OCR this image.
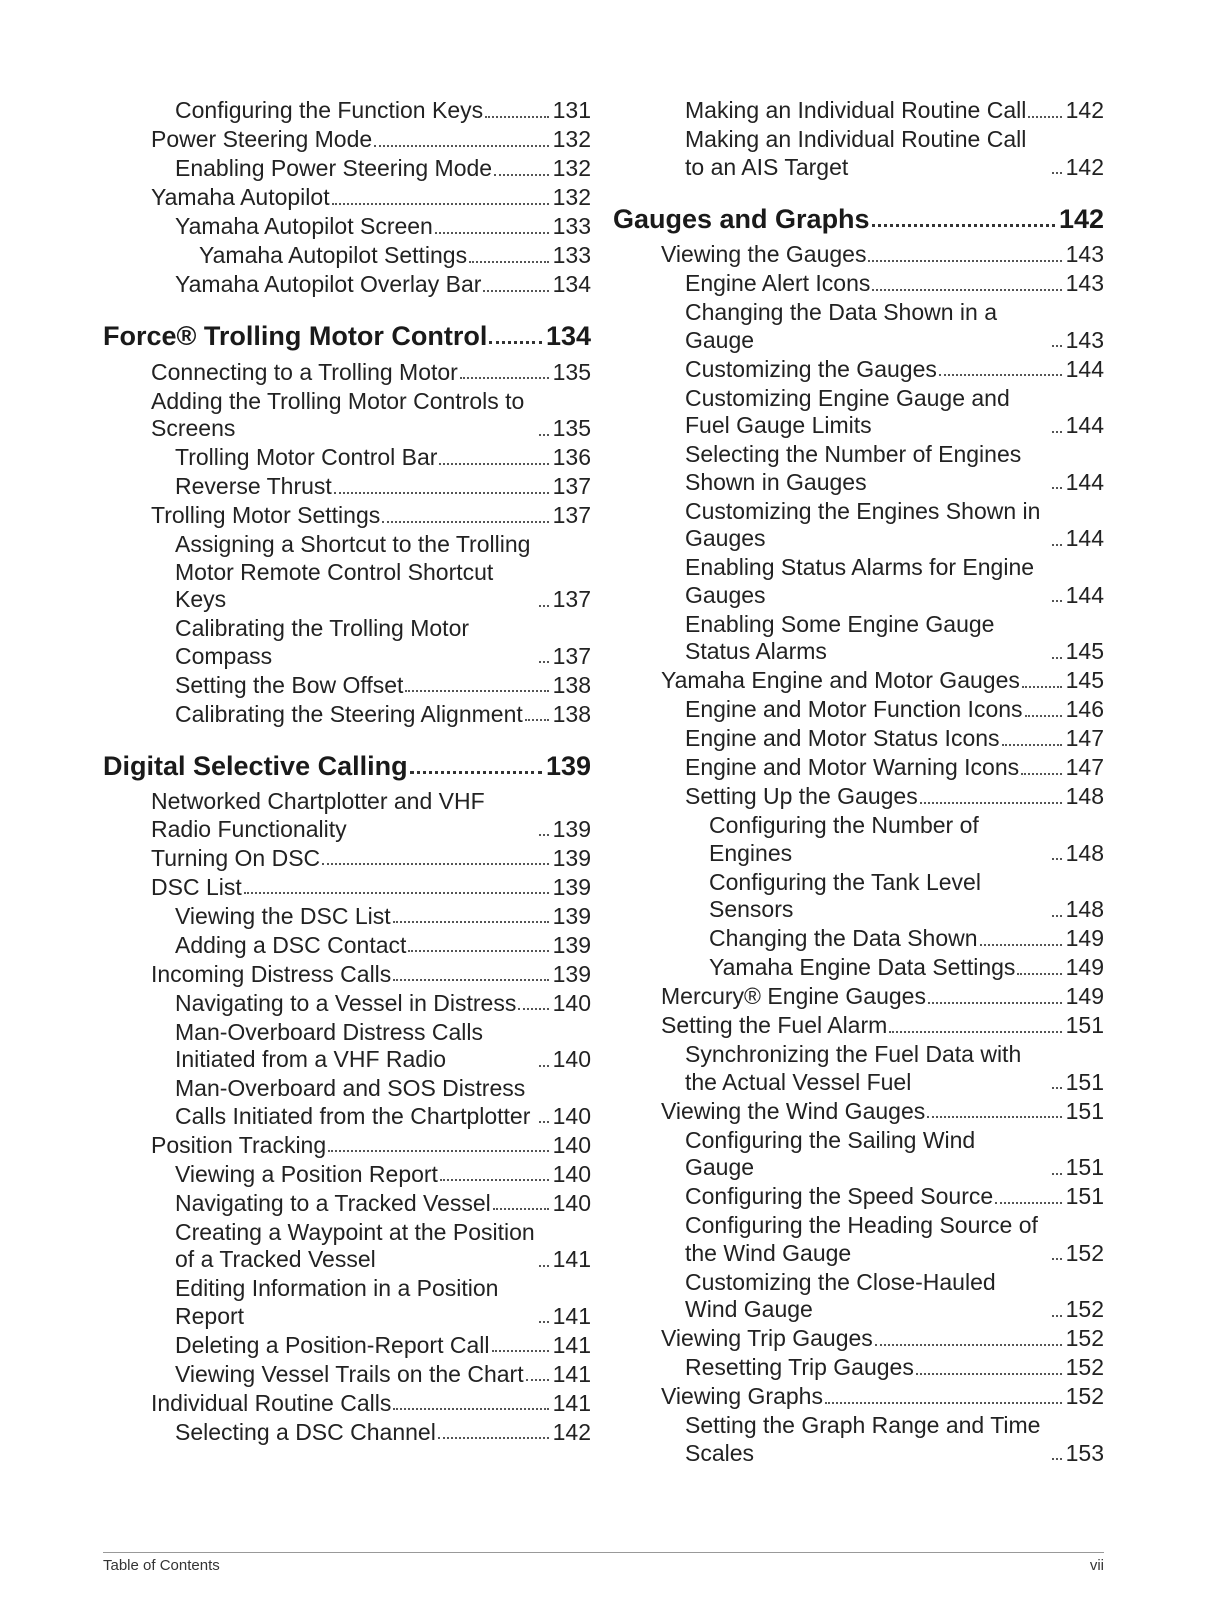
Configuring the Function Keys	131
Power Steering Mode	132
Enabling Power Steering Mode	132
Yamaha Autopilot	132
Yamaha Autopilot Screen	133
Yamaha Autopilot Settings	133
Yamaha Autopilot Overlay Bar	134
Force® Trolling Motor Control 134
Connecting to a Trolling Motor	135
Adding the Trolling Motor Controls to Screens	135
Trolling Motor Control Bar	136
Reverse Thrust	137
Trolling Motor Settings	137
Assigning a Shortcut to the Trolling Motor Remote Control Shortcut Keys	137
Calibrating the Trolling Motor Compass	137
Setting the Bow Offset	138
Calibrating the Steering Alignment 138
Digital Selective Calling	139
Networked Chartplotter and VHF Radio Functionality	139
Turning On DSC	139
DSC List	139
Viewing the DSC List	139
Adding a DSC Contact	139
Incoming Distress Calls	139
Navigating to a Vessel in Distress 140
Man-Overboard Distress Calls Initiated from a VHF Radio	140
Man-Overboard and SOS Distress Calls Initiated from the Chartplotter 140
Position Tracking	140
Viewing a Position Report	140
Navigating to a Tracked Vessel	140
Creating a Waypoint at the Position of a Tracked Vessel	141
Editing Information in a Position Report	141
Deleting a Position-Report Call	141
Viewing Vessel Trails on the Chart 141
Individual Routine Calls	141
Selecting a DSC Channel	142
Making an Individual Routine Call 142
Making an Individual Routine Call to an AIS Target	142
Gauges and Graphs	142
Viewing the Gauges	143
Engine Alert Icons	143
Changing the Data Shown in a Gauge	143
Customizing the Gauges	144
Customizing Engine Gauge and Fuel Gauge Limits	144
Selecting the Number of Engines Shown in Gauges	144
Customizing the Engines Shown in Gauges	144
Enabling Status Alarms for Engine Gauges	144
Enabling Some Engine Gauge Status Alarms	145
Yamaha Engine and Motor Gauges 145
Engine and Motor Function Icons 146
Engine and Motor Status Icons	147
Engine and Motor Warning Icons 147
Setting Up the Gauges	148
Configuring the Number of Engines	148
Configuring the Tank Level Sensors	148
Changing the Data Shown	149
Yamaha Engine Data Settings 149
Mercury® Engine Gauges	149
Setting the Fuel Alarm	151
Synchronizing the Fuel Data with the Actual Vessel Fuel	151
Viewing the Wind Gauges	151
Configuring the Sailing Wind Gauge	151
Configuring the Speed Source	151
Configuring the Heading Source of the Wind Gauge	152
Customizing the Close-Hauled Wind Gauge	152
Viewing Trip Gauges	152
Resetting Trip Gauges	152
Viewing Graphs	152
Setting the Graph Range and Time Scales	153
Table of Contents	vii
